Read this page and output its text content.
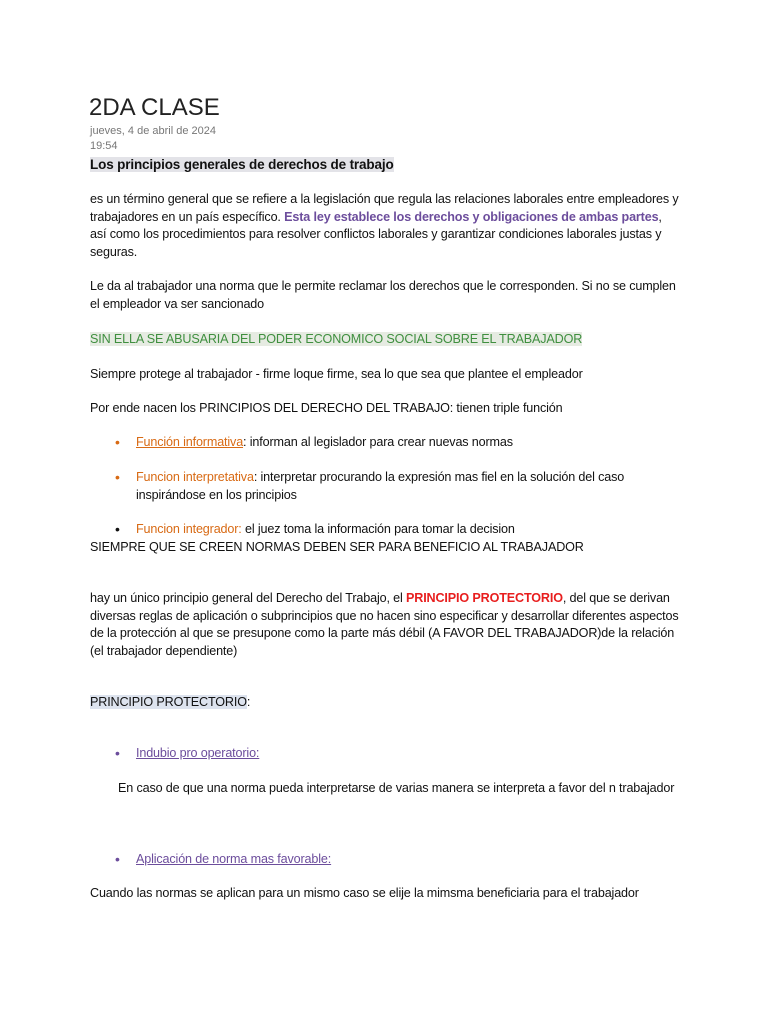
2DA CLASE
jueves, 4 de abril de 2024
19:54
Los principios generales de derechos de trabajo
es un término general que se refiere a la legislación que regula las relaciones laborales entre empleadores y trabajadores en un país específico. Esta ley establece los derechos y obligaciones de ambas partes, así como los procedimientos para resolver conflictos laborales y garantizar condiciones laborales justas y seguras.
Le da al trabajador una norma que le permite reclamar los derechos que le corresponden. Si no se cumplen el empleador va ser sancionado
SIN ELLA SE ABUSARIA DEL PODER ECONOMICO SOCIAL SOBRE EL TRABAJADOR
Siempre protege al trabajador - firme loque firme, sea lo que sea que plantee el empleador
Por ende nacen los PRINCIPIOS DEL DERECHO DEL TRABAJO: tienen triple función
• Función informativa: informan al legislador para crear nuevas normas
• Funcion interpretativa: interpretar procurando la expresión mas fiel en la solución del caso inspirándose en los principios
• Funcion integrador: el juez toma la información para tomar la decision
SIEMPRE QUE SE CREEN NORMAS DEBEN SER PARA BENEFICIO AL TRABAJADOR
hay un único principio general del Derecho del Trabajo, el PRINCIPIO PROTECTORIO, del que se derivan diversas reglas de aplicación o subprincipios que no hacen sino especificar y desarrollar diferentes aspectos de la protección al que se presupone como la parte más débil (A FAVOR DEL TRABAJADOR)de la relación (el trabajador dependiente)
PRINCIPIO PROTECTORIO:
• Indubio pro operatorio:
En caso de que una norma pueda interpretarse de varias manera se interpreta a favor del n trabajador
• Aplicación de norma mas favorable:
Cuando las normas se aplican para un mismo caso se elije la mimsma beneficiaria para el trabajador
